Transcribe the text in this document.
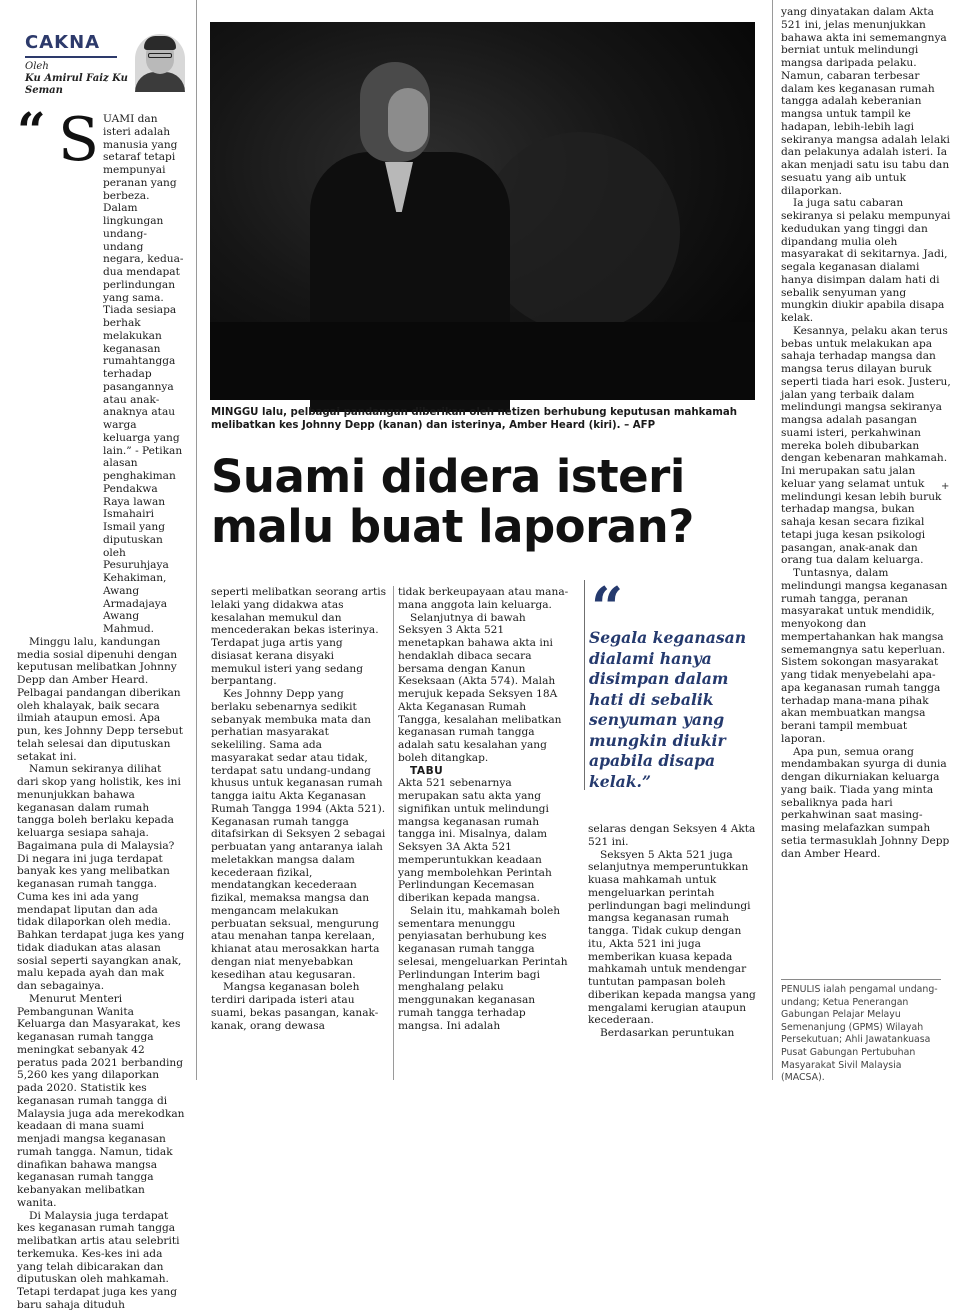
CAKNA
Oleh
Ku Amirul Faiz Ku Seman
“ S UAMI dan isteri adalah manusia yang setaraf tetapi mempunyai peranan yang berbeza. Dalam lingkungan undang-undang negara, kedua-dua mendapat perlindungan yang sama. Tiada sesiapa berhak melakukan keganasan rumahtangga terhadap pasangannya atau anak-anaknya atau warga keluarga yang lain.” - Petikan alasan penghakiman Pendakwa Raya lawan Ismahairi Ismail yang diputuskan oleh Pesuruhjaya Kehakiman, Awang Armadajaya Awang Mahmud.

Minggu lalu, kandungan media sosial dipenuhi dengan keputusan melibatkan Johnny Depp dan Amber Heard. Pelbagai pandangan diberikan oleh khalayak, baik secara ilmiah ataupun emosi. Apa pun, kes Johnny Depp tersebut telah selesai dan diputuskan setakat ini.

Namun sekiranya dilihat dari skop yang holistik, kes ini menunjukkan bahawa keganasan dalam rumah tangga boleh berlaku kepada keluarga sesiapa sahaja. Bagaimana pula di Malaysia? Di negara ini juga terdapat banyak kes yang melibatkan keganasan rumah tangga. Cuma kes ini ada yang mendapat liputan dan ada tidak dilaporkan oleh media. Bahkan terdapat juga kes yang tidak diadukan atas alasan sosial seperti sayangkan anak, malu kepada ayah dan mak dan sebagainya.

Menurut Menteri Pembangunan Wanita Keluarga dan Masyarakat, kes keganasan rumah tangga meningkat sebanyak 42 peratus pada 2021 berbanding 5,260 kes yang dilaporkan pada 2020. Statistik kes keganasan rumah tangga di Malaysia juga ada merekodkan keadaan di mana suami menjadi mangsa keganasan rumah tangga. Namun, tidak dinafikan bahawa mangsa keganasan rumah tangga kebanyakan melibatkan wanita.

Di Malaysia juga terdapat kes keganasan rumah tangga melibatkan artis atau selebriti terkemuka. Kes-kes ini ada yang telah dibicarakan dan diputuskan oleh mahkamah. Tetapi terdapat juga kes yang baru sahaja dituduh

MINGGU lalu, pelbagai pandangan diberikan oleh netizen berhubung keputusan mahkamah melibatkan kes Johnny Depp (kanan) dan isterinya, Amber Heard (kiri). – AFP
Suami didera isteri malu buat laporan?

seperti melibatkan seorang artis lelaki yang didakwa atas kesalahan memukul dan mencederakan bekas isterinya. Terdapat juga artis yang disiasat kerana disyaki memukul isteri yang sedang berpantang.

Kes Johnny Depp yang berlaku sebenarnya sedikit sebanyak membuka mata dan perhatian masyarakat sekeliling. Sama ada masyarakat sedar atau tidak, terdapat satu undang-undang khusus untuk keganasan rumah tangga iaitu Akta Keganasan Rumah Tangga 1994 (Akta 521). Keganasan rumah tangga ditafsirkan di Seksyen 2 sebagai perbuatan yang antaranya ialah meletakkan mangsa dalam kecederaan fizikal, mendatangkan kecederaan fizikal, memaksa mangsa dan mengancam melakukan perbuatan seksual, mengurung atau menahan tanpa kerelaan, khianat atau merosakkan harta dengan niat menyebabkan kesedihan atau kegusaran.

Mangsa keganasan boleh terdiri daripada isteri atau suami, bekas pasangan, kanak-kanak, orang dewasa

tidak berkeupayaan atau mana-mana anggota lain keluarga.

Selanjutnya di bawah Seksyen 3 Akta 521 menetapkan bahawa akta ini hendaklah dibaca secara bersama dengan Kanun Keseksaan (Akta 574). Malah merujuk kepada Seksyen 18A Akta Keganasan Rumah Tangga, kesalahan melibatkan keganasan rumah tangga adalah satu kesalahan yang boleh ditangkap.

TABU

Akta 521 sebenarnya merupakan satu akta yang signifikan untuk melindungi mangsa keganasan rumah tangga ini. Misalnya, dalam Seksyen 3A Akta 521 memperuntukkan keadaan yang membolehkan Perintah Perlindungan Kecemasan diberikan kepada mangsa.

Selain itu, mahkamah boleh sementara menunggu penyiasatan berhubung kes keganasan rumah tangga selesai, mengeluarkan Perintah Perlindungan Interim bagi menghalang pelaku menggunakan keganasan rumah tangga terhadap mangsa. Ini adalah

“
Segala keganasan dialami hanya disimpan dalam hati di sebalik senyuman yang mungkin diukir apabila disapa kelak.”

selaras dengan Seksyen 4 Akta 521 ini.

Seksyen 5 Akta 521 juga selanjutnya memperuntukkan kuasa mahkamah untuk mengeluarkan perintah perlindungan bagi melindungi mangsa keganasan rumah tangga. Tidak cukup dengan itu, Akta 521 ini juga memberikan kuasa kepada mahkamah untuk mendengar tuntutan pampasan boleh diberikan kepada mangsa yang mengalami kerugian ataupun kecederaan.

Berdasarkan peruntukan

yang dinyatakan dalam Akta 521 ini, jelas menunjukkan bahawa akta ini sememangnya berniat untuk melindungi mangsa daripada pelaku. Namun, cabaran terbesar dalam kes keganasan rumah tangga adalah keberanian mangsa untuk tampil ke hadapan, lebih-lebih lagi sekiranya mangsa adalah lelaki dan pelakunya adalah isteri. Ia akan menjadi satu isu tabu dan sesuatu yang aib untuk dilaporkan.

Ia juga satu cabaran sekiranya si pelaku mempunyai kedudukan yang tinggi dan dipandang mulia oleh masyarakat di sekitarnya. Jadi, segala keganasan dialami hanya disimpan dalam hati di sebalik senyuman yang mungkin diukir apabila disapa kelak.

Kesannya, pelaku akan terus bebas untuk melakukan apa sahaja terhadap mangsa dan mangsa terus dilayan buruk seperti tiada hari esok. Justeru, jalan yang terbaik dalam melindungi mangsa sekiranya mangsa adalah pasangan suami isteri, perkahwinan mereka boleh dibubarkan dengan kebenaran mahkamah. Ini merupakan satu jalan keluar yang selamat untuk melindungi kesan lebih buruk terhadap mangsa, bukan sahaja kesan secara fizikal tetapi juga kesan psikologi pasangan, anak-anak dan orang tua dalam keluarga.

Tuntasnya, dalam melindungi mangsa keganasan rumah tangga, peranan masyarakat untuk mendidik, menyokong dan mempertahankan hak mangsa sememangnya satu keperluan. Sistem sokongan masyarakat yang tidak menyebelahi apa-apa keganasan rumah tangga terhadap mana-mana pihak akan membuatkan mangsa berani tampil membuat laporan.

Apa pun, semua orang mendambakan syurga di dunia dengan dikurniakan keluarga yang baik. Tiada yang minta sebaliknya pada hari perkahwinan saat masing-masing melafazkan sumpah setia termasuklah Johnny Depp dan Amber Heard.

PENULIS ialah pengamal undang-undang; Ketua Penerangan Gabungan Pelajar Melayu Semenanjung (GPMS) Wilayah Persekutuan; Ahli Jawatankuasa Pusat Gabungan Pertubuhan Masyarakat Sivil Malaysia (MACSA).
+
